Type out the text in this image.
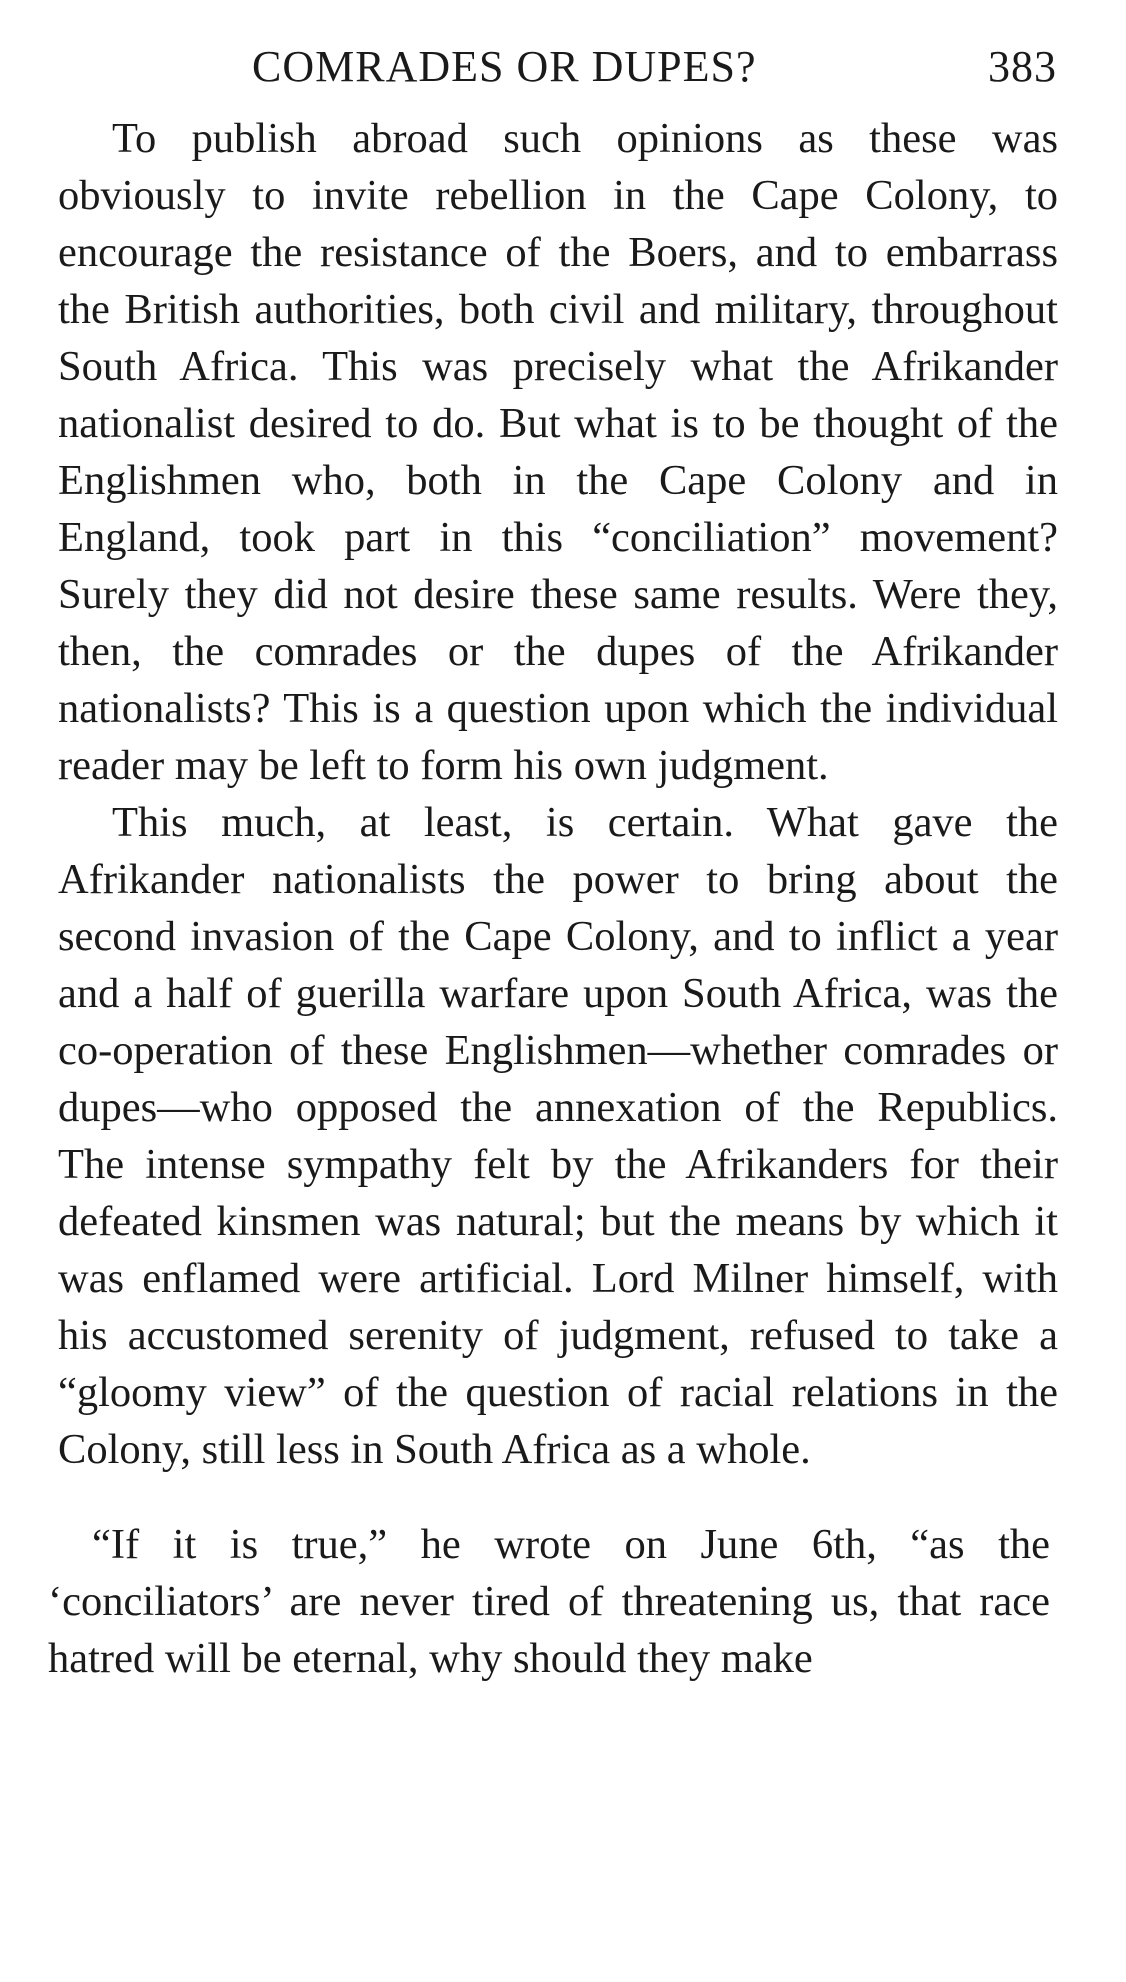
COMRADES OR DUPES?	383

To publish abroad such opinions as these was obviously to invite rebellion in the Cape Colony, to encourage the resistance of the Boers, and to embarrass the British authorities, both civil and military, throughout South Africa. This was precisely what the Afrikander nationalist desired to do. But what is to be thought of the Englishmen who, both in the Cape Colony and in England, took part in this “conciliation” movement? Surely they did not desire these same results. Were they, then, the comrades or the dupes of the Afrikander nationalists? This is a question upon which the individual reader may be left to form his own judgment.

This much, at least, is certain. What gave the Afrikander nationalists the power to bring about the second invasion of the Cape Colony, and to inflict a year and a half of guerilla warfare upon South Africa, was the co-operation of these Englishmen—whether comrades or dupes—who opposed the annexation of the Republics. The intense sympathy felt by the Afrikanders for their defeated kinsmen was natural; but the means by which it was enflamed were artificial. Lord Milner himself, with his accustomed serenity of judgment, refused to take a “gloomy view” of the question of racial relations in the Colony, still less in South Africa as a whole.

“If it is true,” he wrote on June 6th, “as the ‘conciliators’ are never tired of threatening us, that race hatred will be eternal, why should they make
